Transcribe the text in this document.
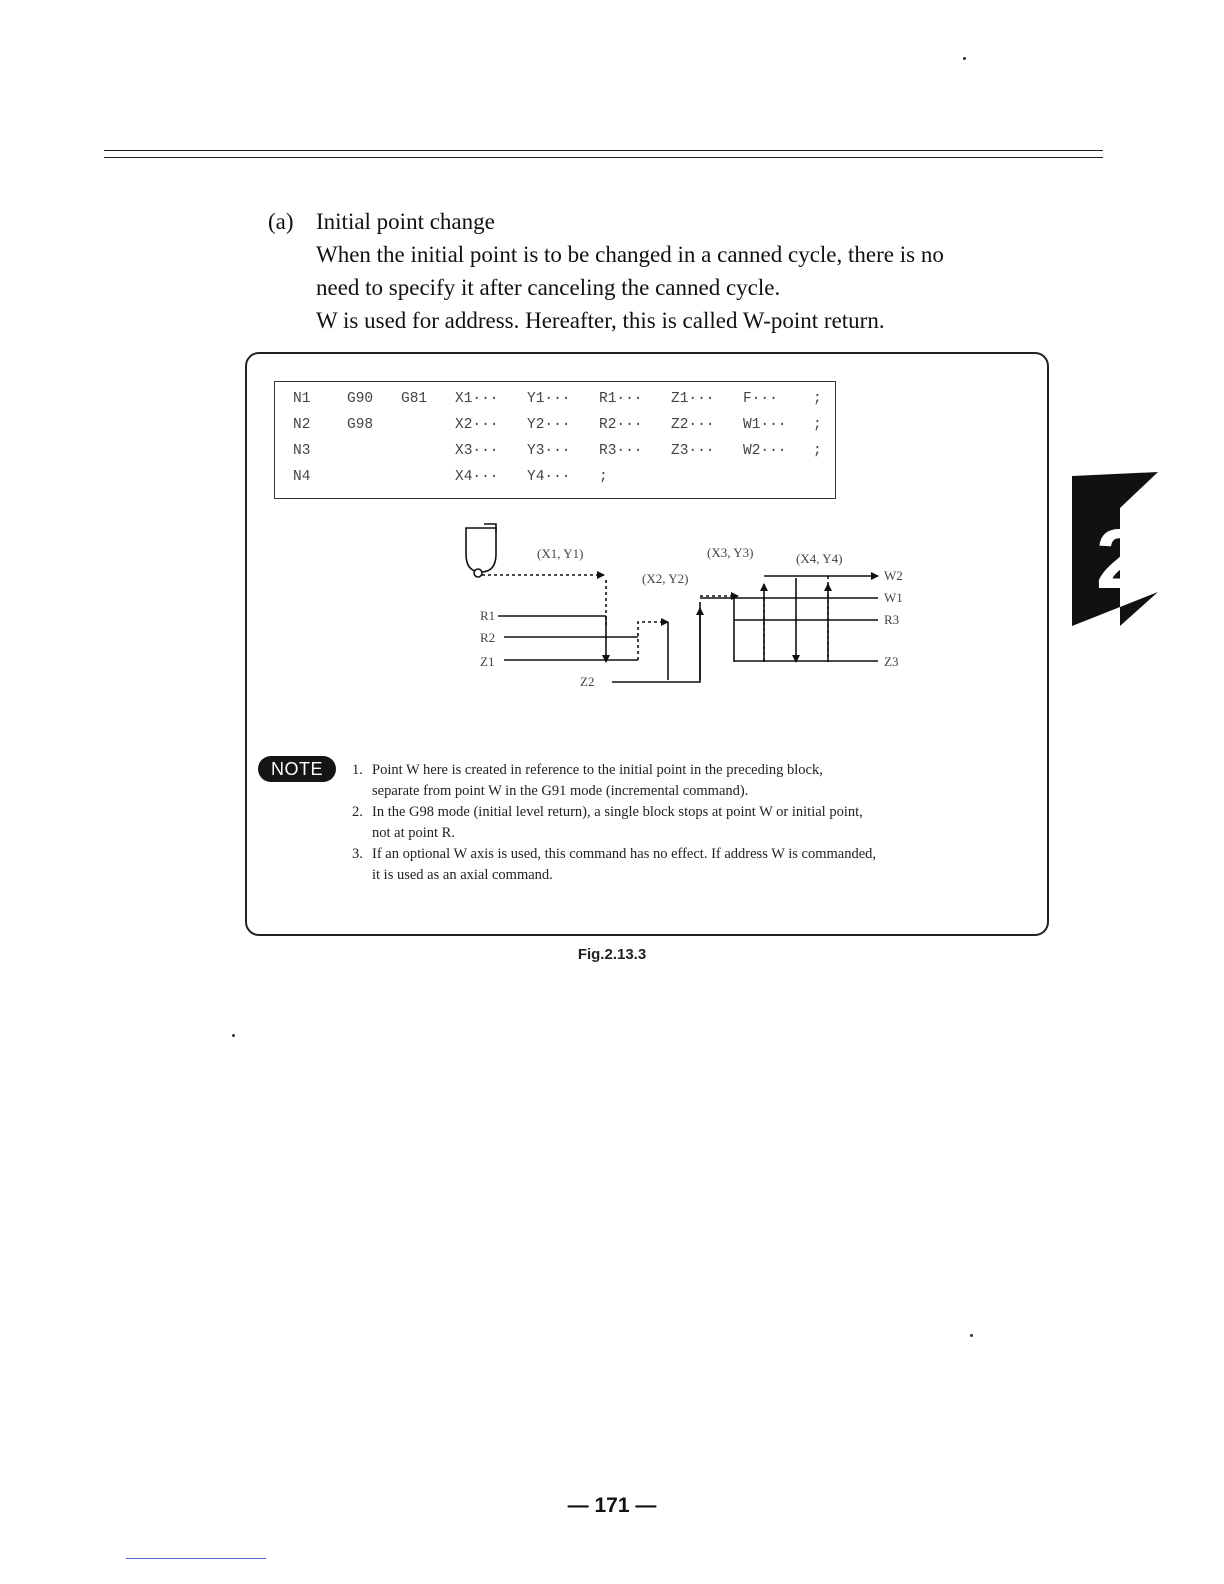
(a) Initial point change
When the initial point is to be changed in a canned cycle, there is no
need to specify it after canceling the canned cycle.
W is used for address. Hereafter, this is called W-point return.
N1	G90 G81 X1··· Y1··· R1··· Z1··· F··· ;
N2	G98	X2··· Y2··· R2··· Z2··· W1··· ;
N3	X3··· Y3··· R3··· Z3··· W2··· ;
N4	X4··· Y4··· ;
(X1, Y1)
(X2, Y2)
(X3, Y3)	(X4, Y4)
R1
R2
Z1
Z2
W2
W1
R3
Z3
NOTE	1. Point W here is created in reference to the initial point in the preceding block,
separate from point W in the G91 mode (incremental command).
2. In the G98 mode (initial level return), a single block stops at point W or initial point,
not at point R.
3. If an optional W axis is used, this command has no effect. If address W is commanded,
it is used as an axial command.
Fig.2.13.3
2
— 171 —
